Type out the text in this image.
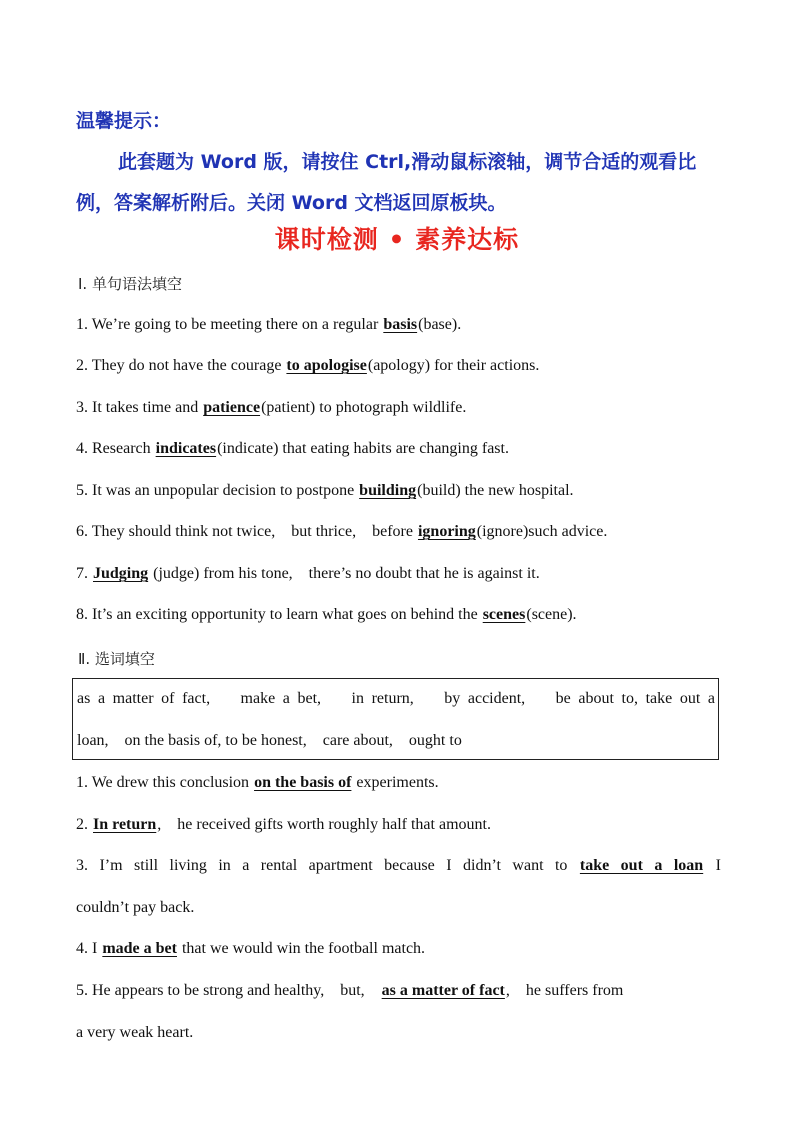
温馨提示：

此套题为 Word 版，请按住 Ctrl,滑动鼠标滚轴，调节合适的观看比例，答案解析附后。关闭 Word 文档返回原板块。

课时检测 • 素养达标

Ⅰ. 单句语法填空

1. We’re going to be meeting there on a regular basis(base).

2. They do not have the courage to apologise(apology) for their actions.

3. It takes time and patience(patient) to photograph wildlife.

4. Research indicates(indicate) that eating habits are changing fast.

5. It was an unpopular decision to postpone building(build) the new hospital.

6. They should think not twice,    but thrice,    before ignoring(ignore)such advice.

7. Judging (judge) from his tone,    there’s no doubt that he is against it.

8. It’s an exciting opportunity to learn what goes on behind the scenes(scene).

Ⅱ. 选词填空

as a matter of fact,    make a bet,    in return,    by accident,    be about to, take out a
loan,    on the basis of, to be honest,    care about,    ought to

1. We drew this conclusion on the basis of experiments.

2. In return,    he received gifts worth roughly half that amount.

3. I’m still living in a rental apartment because I didn’t want to take out a loan I

couldn’t pay back.

4. I made a bet that we would win the football match.

5. He appears to be strong and healthy,    but,    as a matter of fact,    he suffers from

a very weak heart.
